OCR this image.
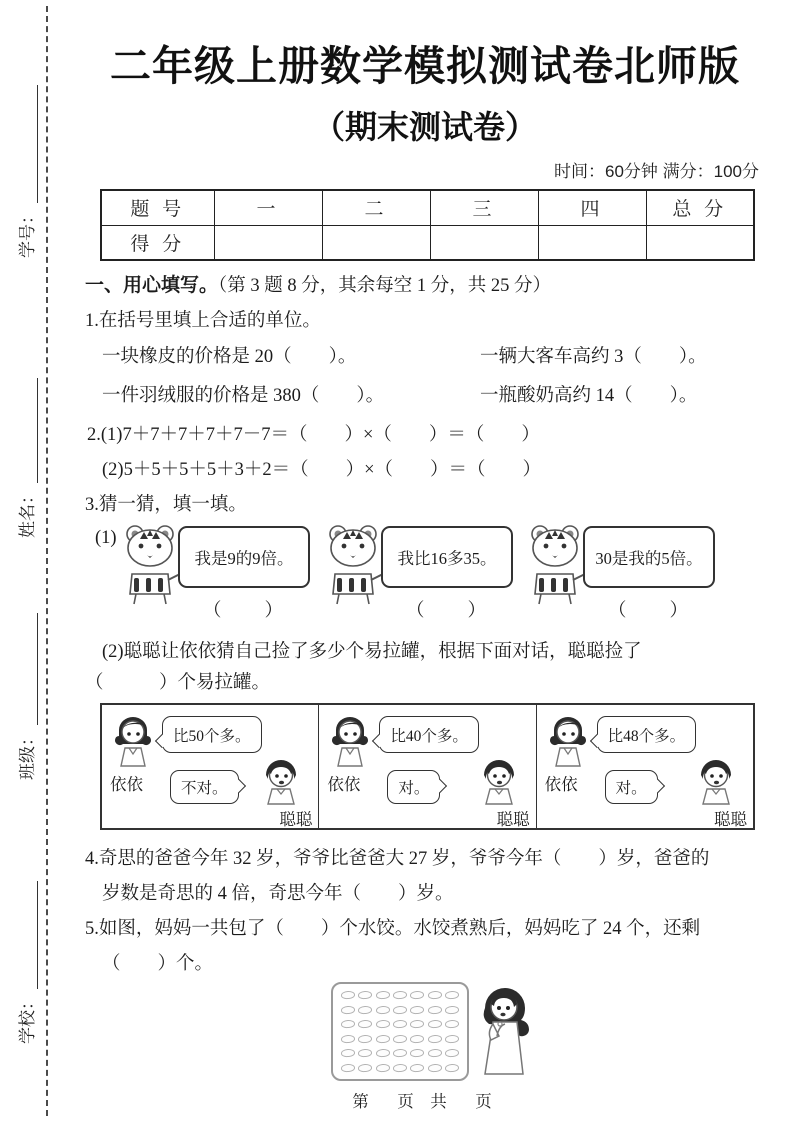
学号：
姓名：
班级：
学校：
二年级上册数学模拟测试卷北师版
（期末测试卷）
时间：60分钟 满分：100分
题 号	一	二	三	四	总 分
得 分					
一、用心填写。（第 3 题 8 分，其余每空 1 分，共 25 分）
1.在括号里填上合适的单位。
一块橡皮的价格是 20（　　）。	一辆大客车高约 3（　　）。
一件羽绒服的价格是 380（　　）。	一瓶酸奶高约 14（　　）。
2.(1)7＋7＋7＋7＋7－7＝（　　）×（　　）＝（　　）
(2)5＋5＋5＋5＋3＋2＝（　　）×（　　）＝（　　）
3.猜一猜，填一填。
(1)
我是9的9倍。
（　　）
我比16多35。
（　　）
30是我的5倍。
（　　）
(2)聪聪让依依猜自己捡了多少个易拉罐，根据下面对话，聪聪捡了
（　　　）个易拉罐。
比50个多。
依依	不对。
聪聪
比40个多。
依依	对。
聪聪
比48个多。
依依	对。
聪聪
4.奇思的爸爸今年 32 岁，爷爷比爸爸大 27 岁，爷爷今年（　　）岁，爸爸的
岁数是奇思的 4 倍，奇思今年（　　）岁。
5.如图，妈妈一共包了（　　）个水饺。水饺煮熟后，妈妈吃了 24 个，还剩
（　　）个。
第　页 共　页
